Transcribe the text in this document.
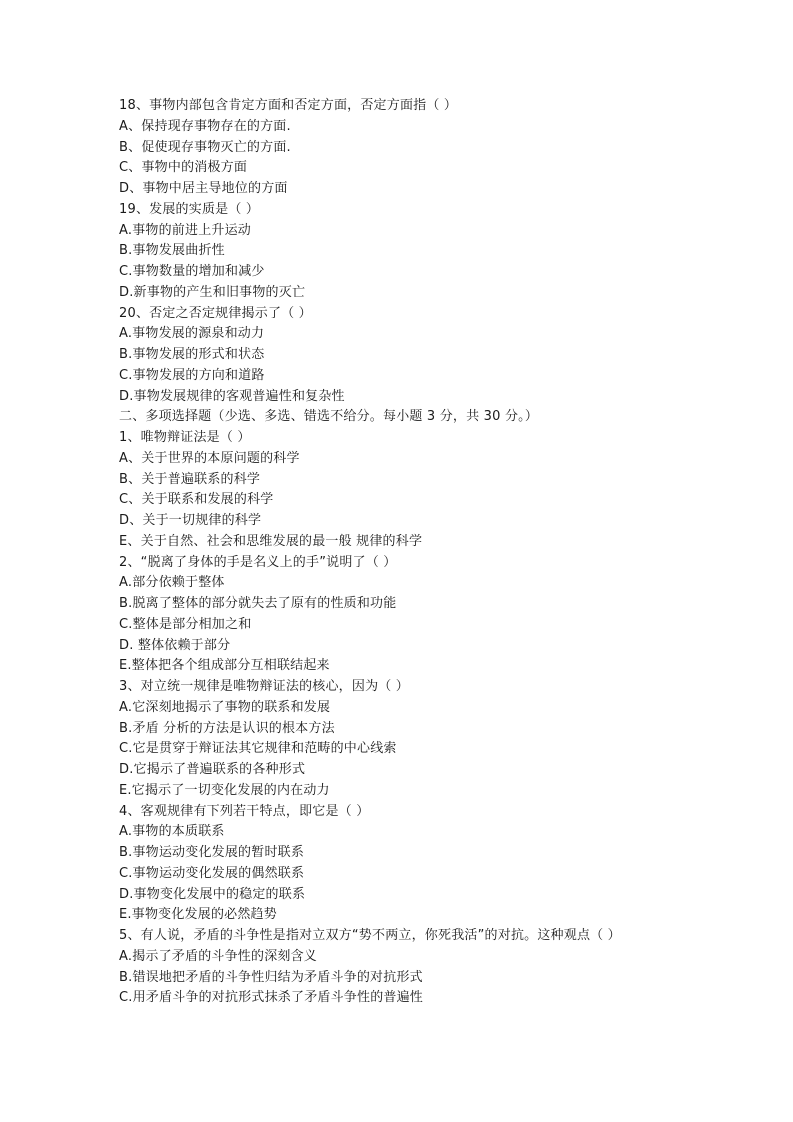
18、事物内部包含肯定方面和否定方面，否定方面指（ ）
A、保持现存事物存在的方面.
B、促使现存事物灭亡的方面.
C、事物中的消极方面
D、事物中居主导地位的方面
19、发展的实质是（ ）
A.事物的前进上升运动
B.事物发展曲折性
C.事物数量的增加和减少
D.新事物的产生和旧事物的灭亡
20、否定之否定规律揭示了（ ）
A.事物发展的源泉和动力
B.事物发展的形式和状态
C.事物发展的方向和道路
D.事物发展规律的客观普遍性和复杂性
二、多项选择题（少选、多选、错选不给分。每小题 3 分，共 30 分。）
1、唯物辩证法是（ ）
A、关于世界的本原问题的科学
B、关于普遍联系的科学
C、关于联系和发展的科学
D、关于一切规律的科学
E、关于自然、社会和思维发展的最一般 规律的科学
2、“脱离了身体的手是名义上的手”说明了（ ）
A.部分依赖于整体
B.脱离了整体的部分就失去了原有的性质和功能
C.整体是部分相加之和
D. 整体依赖于部分
E.整体把各个组成部分互相联结起来
3、对立统一规律是唯物辩证法的核心，因为（ ）
A.它深刻地揭示了事物的联系和发展
B.矛盾 分析的方法是认识的根本方法
C.它是贯穿于辩证法其它规律和范畴的中心线索
D.它揭示了普遍联系的各种形式
E.它揭示了一切变化发展的内在动力
4、客观规律有下列若干特点，即它是（ ）
A.事物的本质联系
B.事物运动变化发展的暂时联系
C.事物运动变化发展的偶然联系
D.事物变化发展中的稳定的联系
E.事物变化发展的必然趋势
5、有人说，矛盾的斗争性是指对立双方“势不两立，你死我活”的对抗。这种观点（ ）
A.揭示了矛盾的斗争性的深刻含义
B.错误地把矛盾的斗争性归结为矛盾斗争的对抗形式
C.用矛盾斗争的对抗形式抹杀了矛盾斗争性的普遍性
